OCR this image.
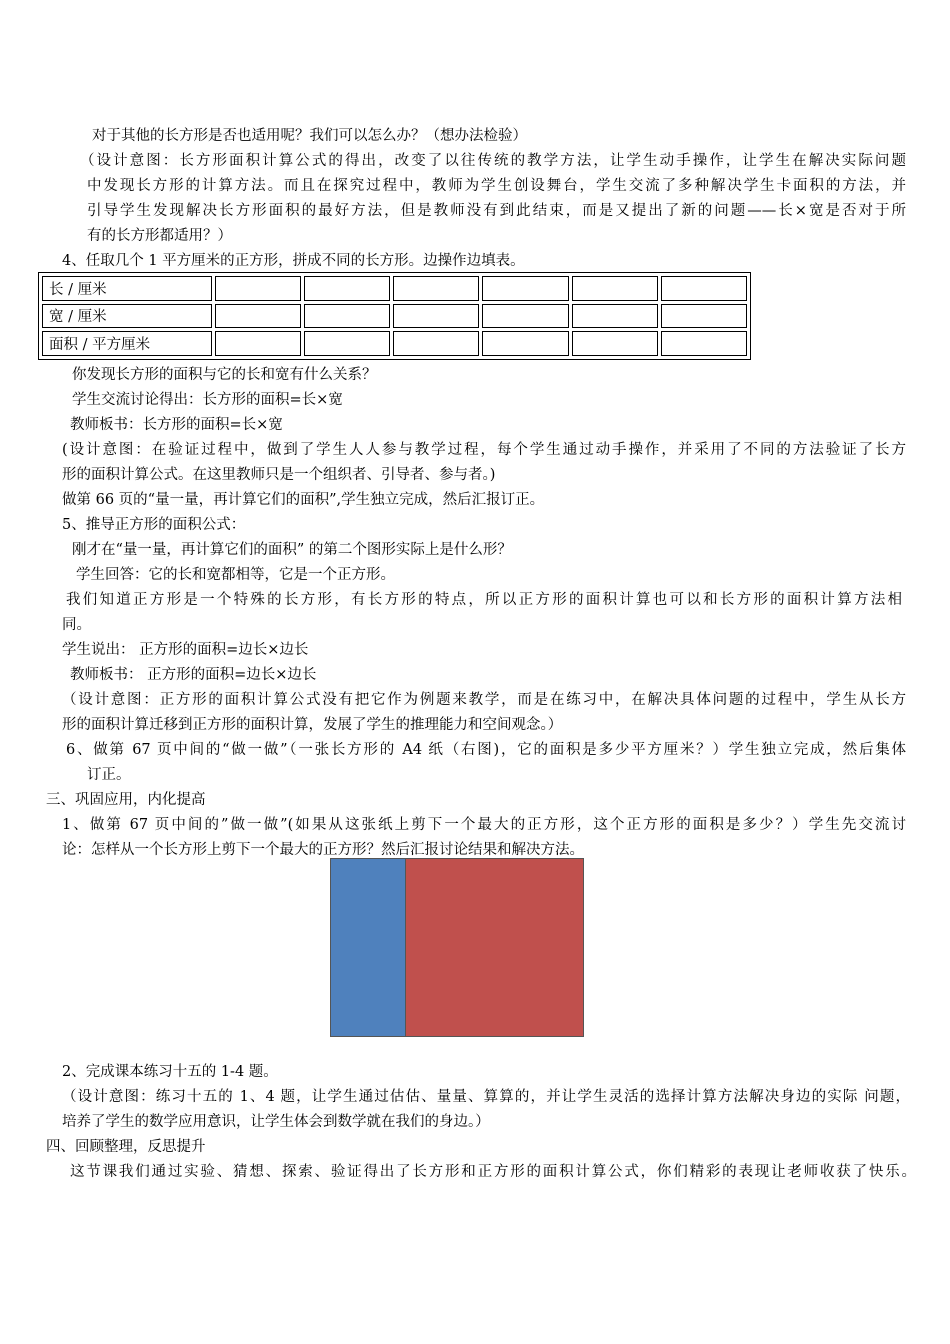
对于其他的长方形是否也适用呢？我们可以怎么办？（想办法检验）
（设计意图：长方形面积计算公式的得出，改变了以往传统的教学方法，让学生动手操作，让学生在解决实际问题
中发现长方形的计算方法。而且在探究过程中，教师为学生创设舞台，学生交流了多种解决学生卡面积的方法，并
引导学生发现解决长方形面积的最好方法，但是教师没有到此结束，而是又提出了新的问题——长×宽是否对于所
有的长方形都适用？）
4、任取几个 1 平方厘米的正方形，拼成不同的长方形。边操作边填表。
长 / 厘米						
宽 / 厘米						
面积 / 平方厘米						
你发现长方形的面积与它的长和宽有什么关系？
学生交流讨论得出：长方形的面积=长×宽
教师板书：长方形的面积=长×宽
(设计意图：在验证过程中，做到了学生人人参与教学过程，每个学生通过动手操作，并采用了不同的方法验证了长方
形的面积计算公式。在这里教师只是一个组织者、引导者、参与者。)
做第 66 页的“量一量，再计算它们的面积”,学生独立完成，然后汇报订正。
5、推导正方形的面积公式：
刚才在“量一量，再计算它们的面积” 的第二个图形实际上是什么形？
学生回答：它的长和宽都相等，它是一个正方形。
我们知道正方形是一个特殊的长方形，有长方形的特点，所以正方形的面积计算也可以和长方形的面积计算方法相
同。
学生说出： 正方形的面积=边长×边长
教师板书： 正方形的面积=边长×边长
（设计意图：正方形的面积计算公式没有把它作为例题来教学，而是在练习中，在解决具体问题的过程中，学生从长方
形的面积计算迁移到正方形的面积计算，发展了学生的推理能力和空间观念。）
6、做第 67 页中间的“做一做”（一张长方形的 A4 纸（右图)，它的面积是多少平方厘米？）学生独立完成，然后集体
订正。
三、巩固应用，内化提高
1、做第 67 页中间的”做一做”(如果从这张纸上剪下一个最大的正方形，这个正方形的面积是多少？）学生先交流讨
论：怎样从一个长方形上剪下一个最大的正方形？然后汇报讨论结果和解决方法。
2、完成课本练习十五的 1-4 题。
（设计意图：练习十五的 1、4 题，让学生通过估估、量量、算算的，并让学生灵活的选择计算方法解决身边的实际 问题，
培养了学生的数学应用意识，让学生体会到数学就在我们的身边。）
四、回顾整理，反思提升
这节课我们通过实验、猜想、探索、验证得出了长方形和正方形的面积计算公式，你们精彩的表现让老师收获了快乐。
